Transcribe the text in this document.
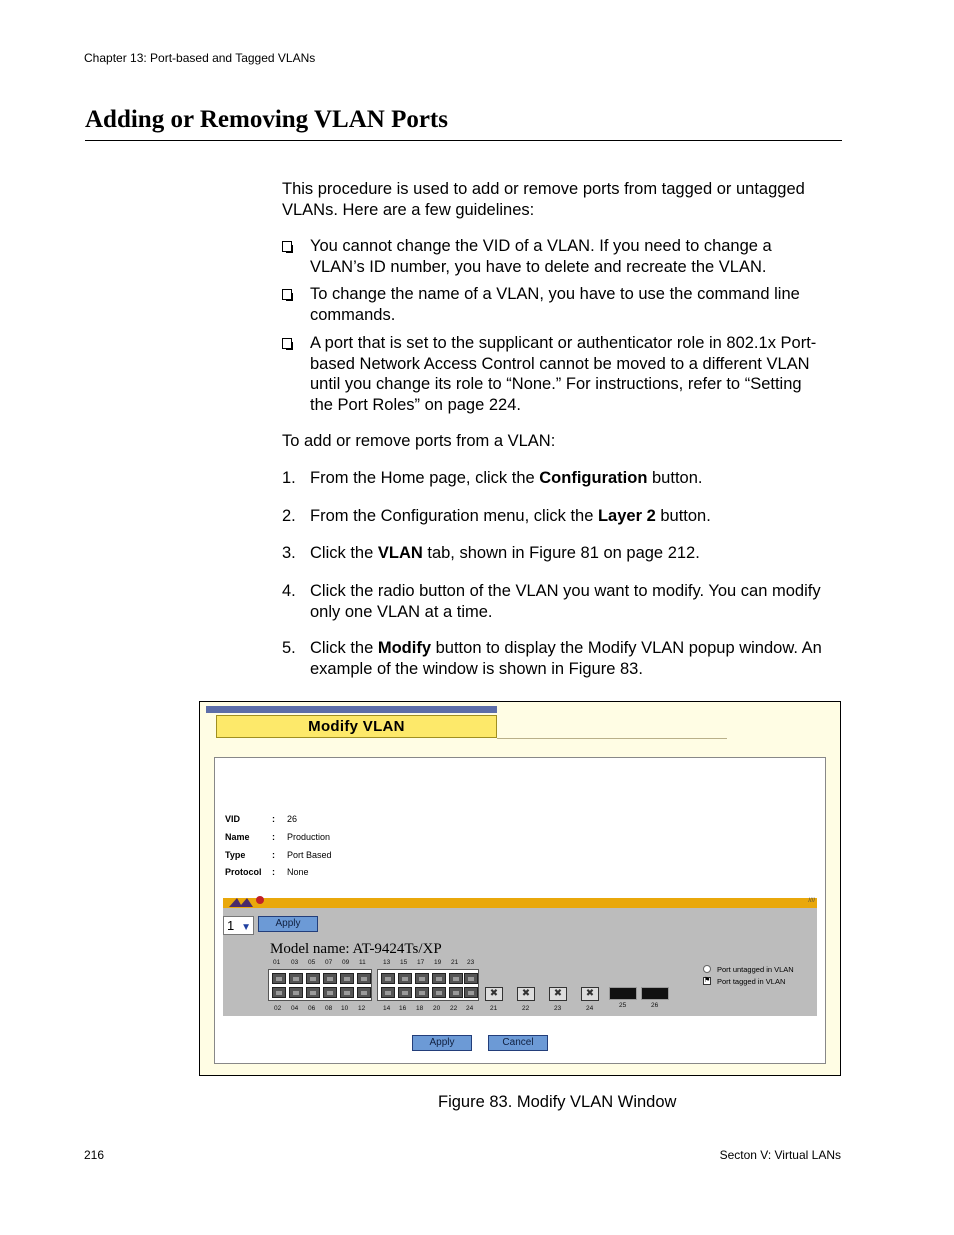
Chapter 13: Port-based and Tagged VLANs
Adding or Removing VLAN Ports
This procedure is used to add or remove ports from tagged or untagged
VLANs. Here are a few guidelines:
You cannot change the VID of a VLAN. If you need to change a
VLAN’s ID number, you have to delete and recreate the VLAN.
To change the name of a VLAN, you have to use the command line
commands.
A port that is set to the supplicant or authenticator role in 802.1x Port-
based Network Access Control cannot be moved to a different VLAN
until you change its role to “None.” For instructions, refer to “Setting
the Port Roles” on page 224.
To add or remove ports from a VLAN:
1. From the Home page, click the Configuration button.
2. From the Configuration menu, click the Layer 2 button.
3. Click the VLAN tab, shown in Figure 81 on page 212.
4. Click the radio button of the VLAN you want to modify. You can modify
only one VLAN at a time.
5. Click the Modify button to display the Modify VLAN popup window. An
example of the window is shown in Figure 83.
Modify VLAN
VID	: 26
Name : Production
Type	: Port Based
Protocol : None
////
1 ▼	Apply
Model name: AT-9424Ts/XP
01 03 05 07 09 11	13 15 17 19 21 23
✖	✖	✖	✖
02 04 06 08 10 12	14 16 18 20 22 24	21	22	23	24	25	26
Port untagged in VLAN
⚑ Port tagged in VLAN
Apply	Cancel
Figure 83. Modify VLAN Window
216	Secton V: Virtual LANs
